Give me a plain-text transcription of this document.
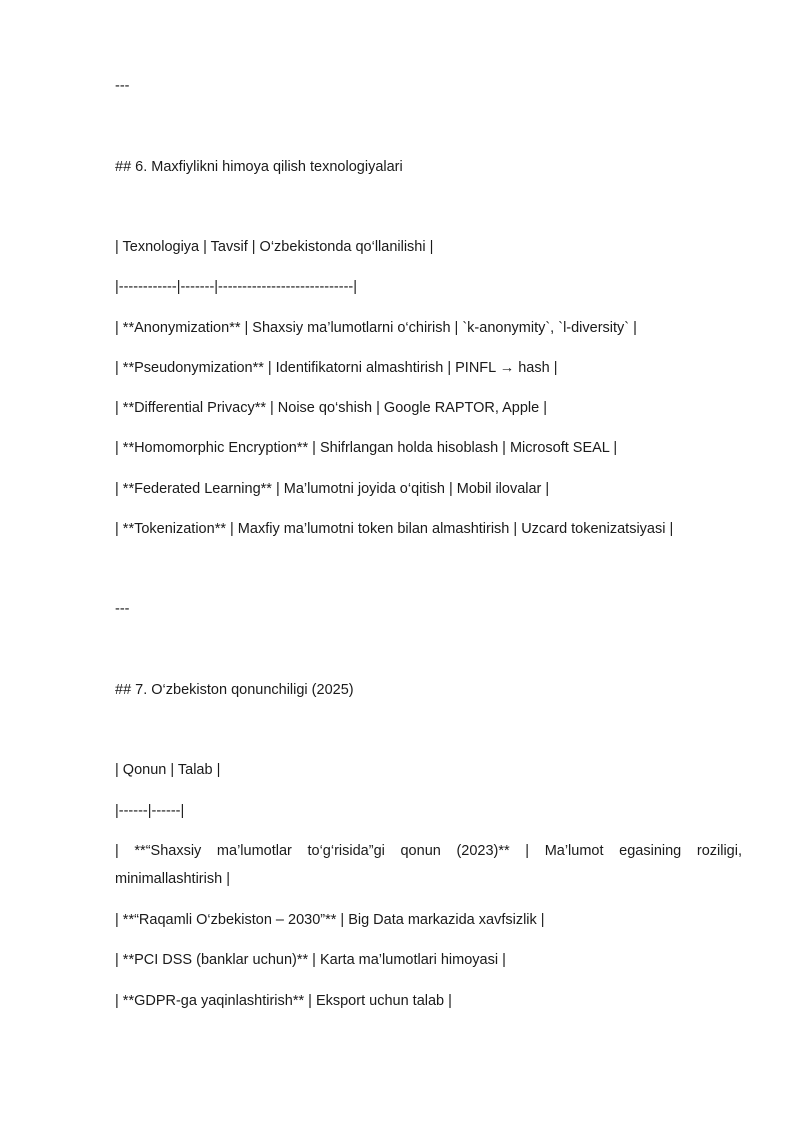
---
## 6. Maxfiylikni himoya qilish texnologiyalari
| Texnologiya | Tavsif | O‘zbekistonda qo‘llanilishi |
|------------|-------|----------------------------|
| **Anonymization** | Shaxsiy ma’lumotlarni o‘chirish | `k-anonymity`, `l-diversity` |
| **Pseudonymization** | Identifikatorni almashtirish | PINFL → hash |
| **Differential Privacy** | Noise qo‘shish | Google RAPTOR, Apple |
| **Homomorphic Encryption** | Shifrlangan holda hisoblash | Microsoft SEAL |
| **Federated Learning** | Ma’lumotni joyida o‘qitish | Mobil ilovalar |
| **Tokenization** | Maxfiy ma’lumotni token bilan almashtirish | Uzcard tokenizatsiyasi |
---
## 7. O‘zbekiston qonunchiligi (2025)
| Qonun | Talab |
|------|------|
| **“Shaxsiy ma’lumotlar to‘g‘risida”gi qonun (2023)** | Ma’lumot egasining roziligi, minimallashtirish |
| **“Raqamli O‘zbekiston – 2030”** | Big Data markazida xavfsizlik |
| **PCI DSS (banklar uchun)** | Karta ma’lumotlari himoyasi |
| **GDPR-ga yaqinlashtirish** | Eksport uchun talab |
